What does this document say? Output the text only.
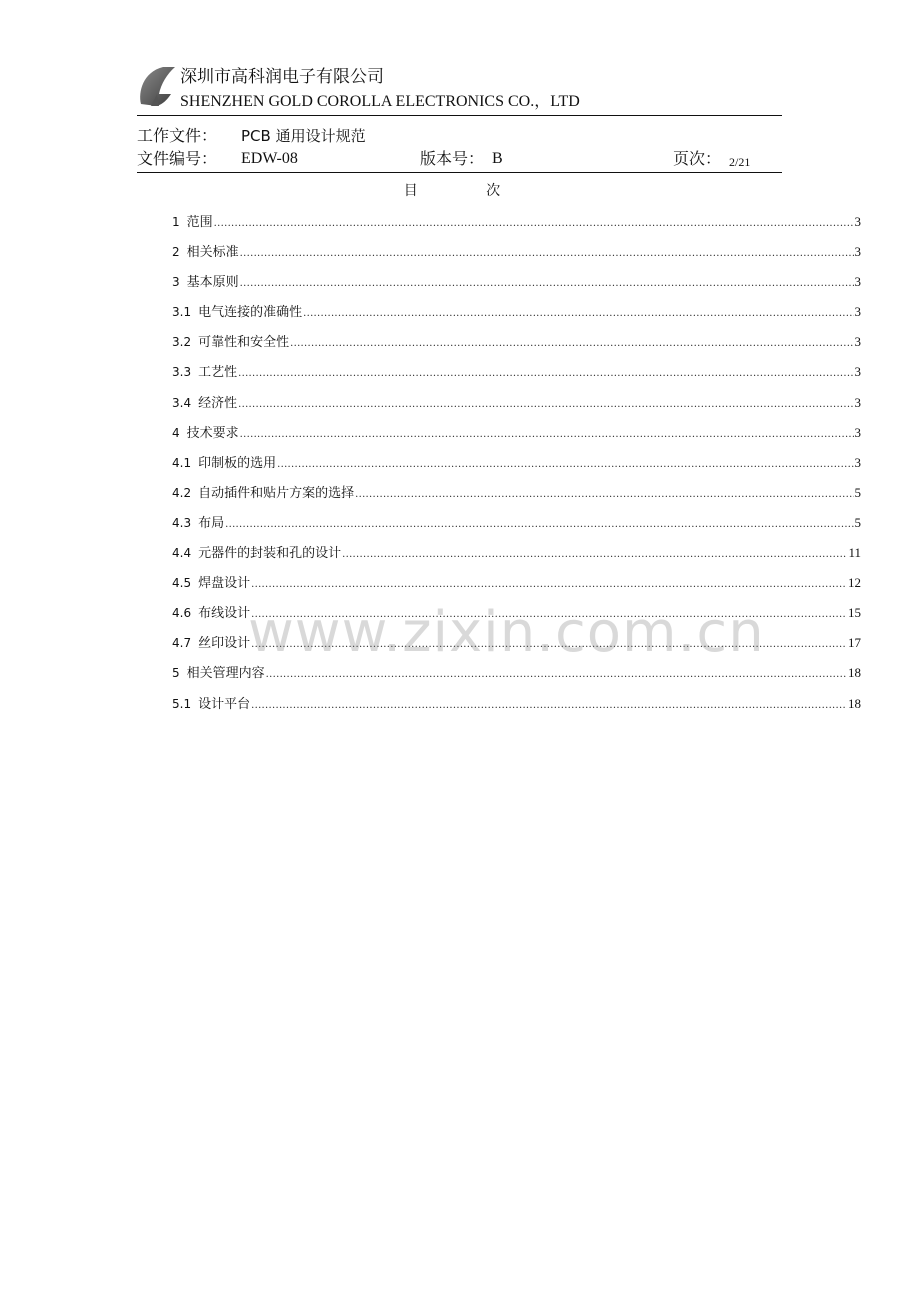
深圳市高科润电子有限公司
SHENZHEN GOLD COROLLA ELECTRONICS CO.，LTD
工作文件： PCB 通用设计规范
文件编号： EDW-08	版本号： B	页次： 2/21
目 次
1 范围 .....	3
2 相关标准 .....	3
3 基本原则 .....	3
3.1 电气连接的准确性 .....	3
3.2 可靠性和安全性 .....	3
3.3 工艺性 .....	3
3.4 经济性 .....	3
4 技术要求 .....	3
4.1 印制板的选用 .....	3
4.2 自动插件和贴片方案的选择 .....	5
4.3 布局 .....	5
4.4 元器件的封装和孔的设计 .....	11
4.5 焊盘设计 .....	12
4.6 布线设计 .....	15
4.7 丝印设计 .....	17
5 相关管理内容 .....	18
5.1 设计平台 .....	18
www.zixin.com.cn
